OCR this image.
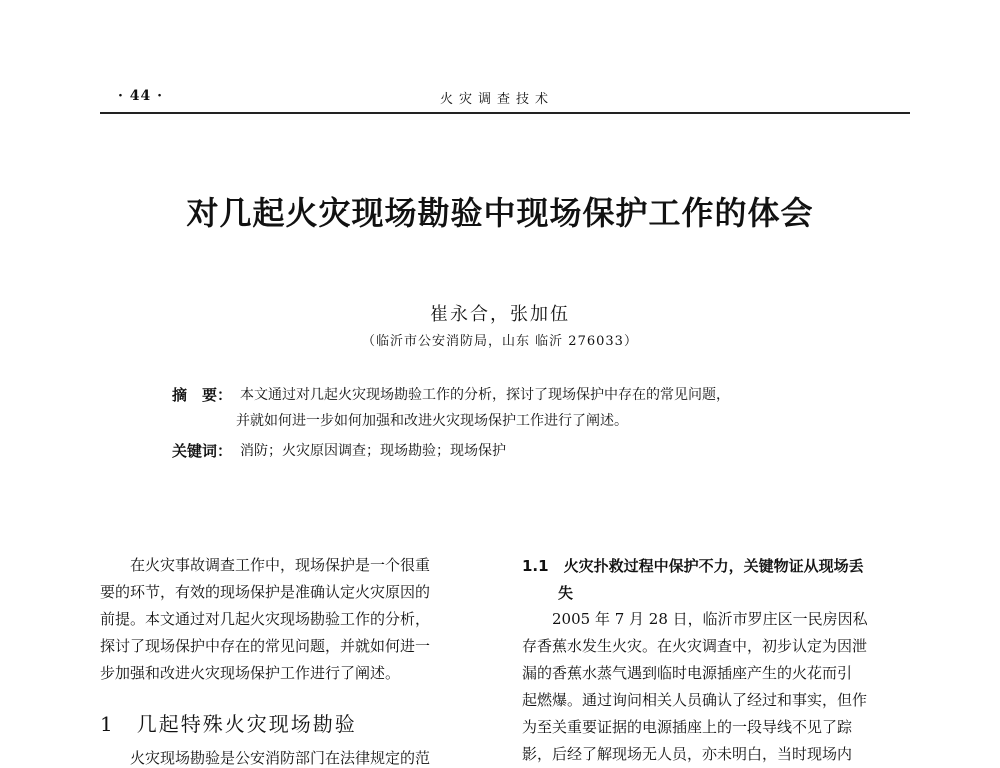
· 44 ·	火灾调查技术
对几起火灾现场勘验中现场保护工作的体会
崔永合，张加伍
（临沂市公安消防局，山东 临沂 276033）
摘　要： 本文通过对几起火灾现场勘验工作的分析，探讨了现场保护中存在的常见问题，
并就如何进一步如何加强和改进火灾现场保护工作进行了阐述。
关键词： 消防；火灾原因调查；现场勘验；现场保护
　　在火灾事故调查工作中，现场保护是一个很重
要的环节，有效的现场保护是准确认定火灾原因的
前提。本文通过对几起火灾现场勘验工作的分析，
探讨了现场保护中存在的常见问题，并就如何进一
步加强和改进火灾现场保护工作进行了阐述。
1　几起特殊火灾现场勘验
　　火灾现场勘验是公安消防部门在法律规定的范
1.1　火灾扑救过程中保护不力，关键物证从现场丢
失
　　2005 年 7 月 28 日，临沂市罗庄区一民房因私
存香蕉水发生火灾。在火灾调查中，初步认定为因泄
漏的香蕉水蒸气遇到临时电源插座产生的火花而引
起燃爆。通过询问相关人员确认了经过和事实，但作
为至关重要证据的电源插座上的一段导线不见了踪
影，后经了解现场无人员，亦未明白，当时现场内
